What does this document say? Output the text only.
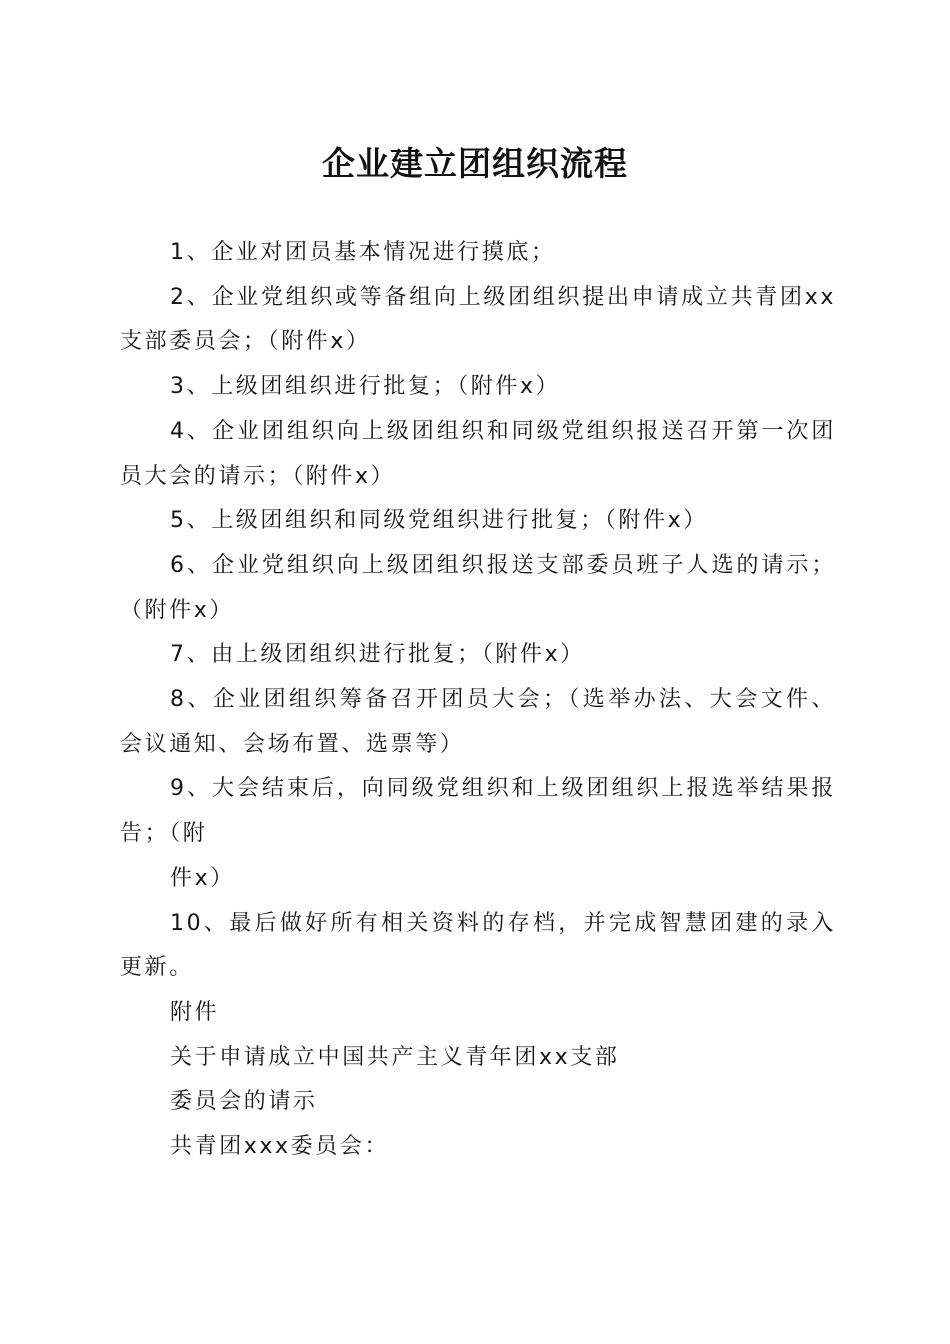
企业建立团组织流程

1、企业对团员基本情况进行摸底；

2、企业党组织或等备组向上级团组织提出申请成立共青团xx支部委员会；（附件x）

3、上级团组织进行批复；（附件x）

4、企业团组织向上级团组织和同级党组织报送召开第一次团员大会的请示；（附件x）

5、上级团组织和同级党组织进行批复；（附件x）

6、企业党组织向上级团组织报送支部委员班子人选的请示；（附件x）

7、由上级团组织进行批复；（附件x）

8、企业团组织筹备召开团员大会；（选举办法、大会文件、会议通知、会场布置、选票等）

9、大会结束后，向同级党组织和上级团组织上报选举结果报告；（附

件x）

10、最后做好所有相关资料的存档，并完成智慧团建的录入更新。

附件

关于申请成立中国共产主义青年团xx支部

委员会的请示

共青团xxx委员会：
